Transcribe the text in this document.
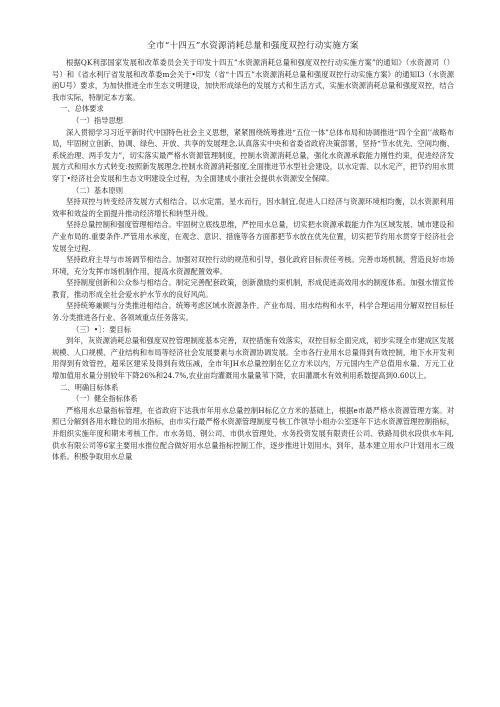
全市“十四五”水资源消耗总量和强度双控行动实施方案

根据QK利部国家发展和改革委员会关于印发十四五”水资源消耗总量和强度双控行动实施方案”的通知》（水资源司（）号）和《省水利厅省发展和改革委m会关于•印发（省“十四五”水资源消耗总量和强度双控行动实施方案》的通知I3（水资源函U号）要求，为加快推进全市生态文明建设，加快形成绿色的发展方式和生活方式，实施水资源消耗总量和强度双控，结合我市实际，特制定本方案。

一、总体要求

（一）指导思想

深入贯彻学习习近平新时代中国特色社会主义思想，紧紧围绕统筹推进“五位一体”总体布局和协调推进“四个全面’’战略布局，牢固树立创新、协调、绿色、开放、共享的发展理念,认真落实中央和省委省政府决策部署，坚持“节水优先、空间均衡、系统治理、两手发力”，切实落实最严格水资源管理制度，控制水资源消耗总量，强化水资源承载能力刚性约束，促进经济发展方式和用水方式转变:按照新发展理念,控制水资源消耗强度,全面推进节水型社会建设，以水定需、以水定产，把节约用水贯穿丁•经济社会发展和生态文明建设全过程，为全面建成小康社会提供水资源安全保障。

（二）基本原则

坚持双控与转变经济发展方式相结合。以水定需，星水而行，因水制宜,促进人口经济与资源环境相均衡，以水资源利用效率和效益的全面提升推动经济增长和转型升级。

坚持总量控制和强度管理相结合。牢固树立底线思维，严控用水总量，切实把水资源承载能力作为区域发展、城市建设和产业布局的.重要条件.严管用水承度，在观念、意识、措施等各方面都把节水放在优先位置，切实把节约用水贯穿于经济社会发展全过程.

坚持政府主导与市场调节相结合。加强对双控行动的规范和引导，强化政府目标责任考核。完善市场机制，营造良好市场环境，充分发挥市场机制作用，提高水资源配置效率。

坚持制度创新和公众参与相结合。制定完善配套政策，创新激励约束机制，形成促进高效用水的制度体系。加强水情宣传教育，推动形成全社会爱水护水节水的良好风尚。

坚持统筹兼顾与分类推进相结合。统筹考虑区域水资源条件、产业布局、用水结构和水平，科学合理运用分解双控目标任务.分类推进各行业、各领域重点任务落实。

（三）•］：要目标

到年，灰资源消耗总量和强度双控管理制度基本完善，双控措施有效落实，双控目标全面完成，初步实现全市建成区发展规模、人口规模、产业结构和布局等经济社会发展要素与水资源协调发展。全市各行业用水总量得到有效控制，地下水开发利用得到有效管控，超采区建采及得到有效压减，全市年JH水总量控制在亿立方米以内，万元国内生产总值用水量、万元工业增加值用水量分别较年下降26%和24.7%,农业亩均灌溉用水量量苇下降，农田灌溉水有效利用系数提高到0.60以上。

二、明确目标体系

（一）健全指标体系

严格用水总量指标管理，在省政府下达我市年用水总量控制H标亿立方米的基础上，根据e市最严格水资源管理方案。对照已分解到各用水睢位的用水指标，由市实行最严格水资源管理制度号核工作领导小组办公室逐年下达水资源管理控制指标，并组织实施年度和期末考核工作。市水务局、钢公司、市供水管理处、水务投资发展有限责任公司、铁路局供水段供水车间,供水有限公司等6家主要用水推位配合做好用水总量指标控制工作，逐步推进计划用水，到年，基本建立用水户计划用水三级体系。积极争取用水总量
